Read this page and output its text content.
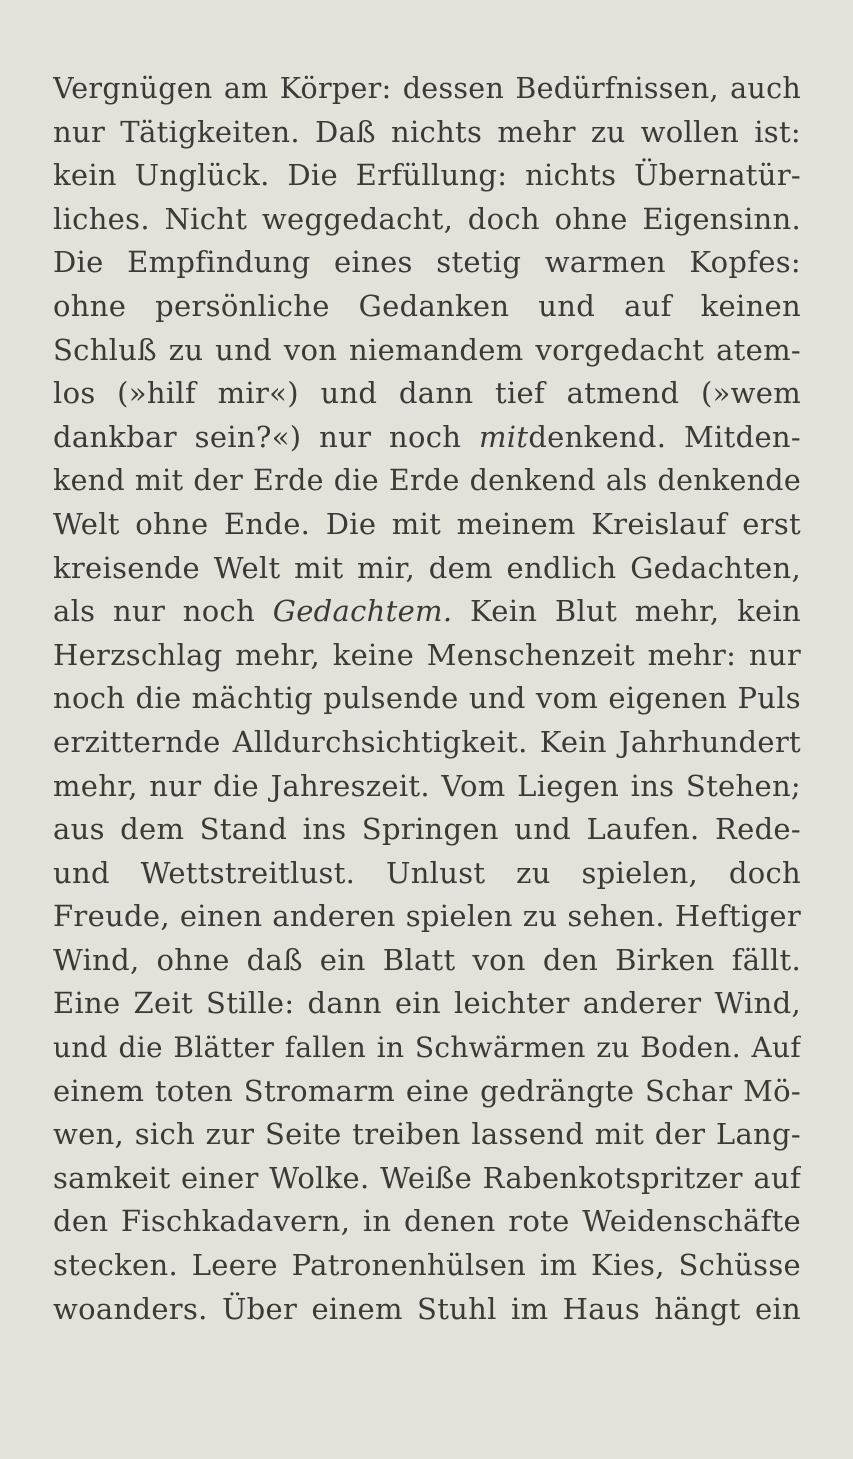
Vergnügen am Körper: dessen Bedürfnissen, auch
nur Tätigkeiten. Daß nichts mehr zu wollen ist:
kein Unglück. Die Erfüllung: nichts Übernatür-
liches. Nicht weggedacht, doch ohne Eigensinn.
Die Empfindung eines stetig warmen Kopfes:
ohne persönliche Gedanken und auf keinen
Schluß zu und von niemandem vorgedacht atem-
los (»hilf mir«) und dann tief atmend (»wem
dankbar sein?«) nur noch mitdenkend. Mitden-
kend mit der Erde die Erde denkend als denkende
Welt ohne Ende. Die mit meinem Kreislauf erst
kreisende Welt mit mir, dem endlich Gedachten,
als nur noch Gedachtem. Kein Blut mehr, kein
Herzschlag mehr, keine Menschenzeit mehr: nur
noch die mächtig pulsende und vom eigenen Puls
erzitternde Alldurchsichtigkeit. Kein Jahrhundert
mehr, nur die Jahreszeit. Vom Liegen ins Stehen;
aus dem Stand ins Springen und Laufen. Rede-
und Wettstreitlust. Unlust zu spielen, doch
Freude, einen anderen spielen zu sehen. Heftiger
Wind, ohne daß ein Blatt von den Birken fällt.
Eine Zeit Stille: dann ein leichter anderer Wind,
und die Blätter fallen in Schwärmen zu Boden. Auf
einem toten Stromarm eine gedrängte Schar Mö-
wen, sich zur Seite treiben lassend mit der Lang-
samkeit einer Wolke. Weiße Rabenkotspritzer auf
den Fischkadavern, in denen rote Weidenschäfte
stecken. Leere Patronenhülsen im Kies, Schüsse
woanders. Über einem Stuhl im Haus hängt ein
